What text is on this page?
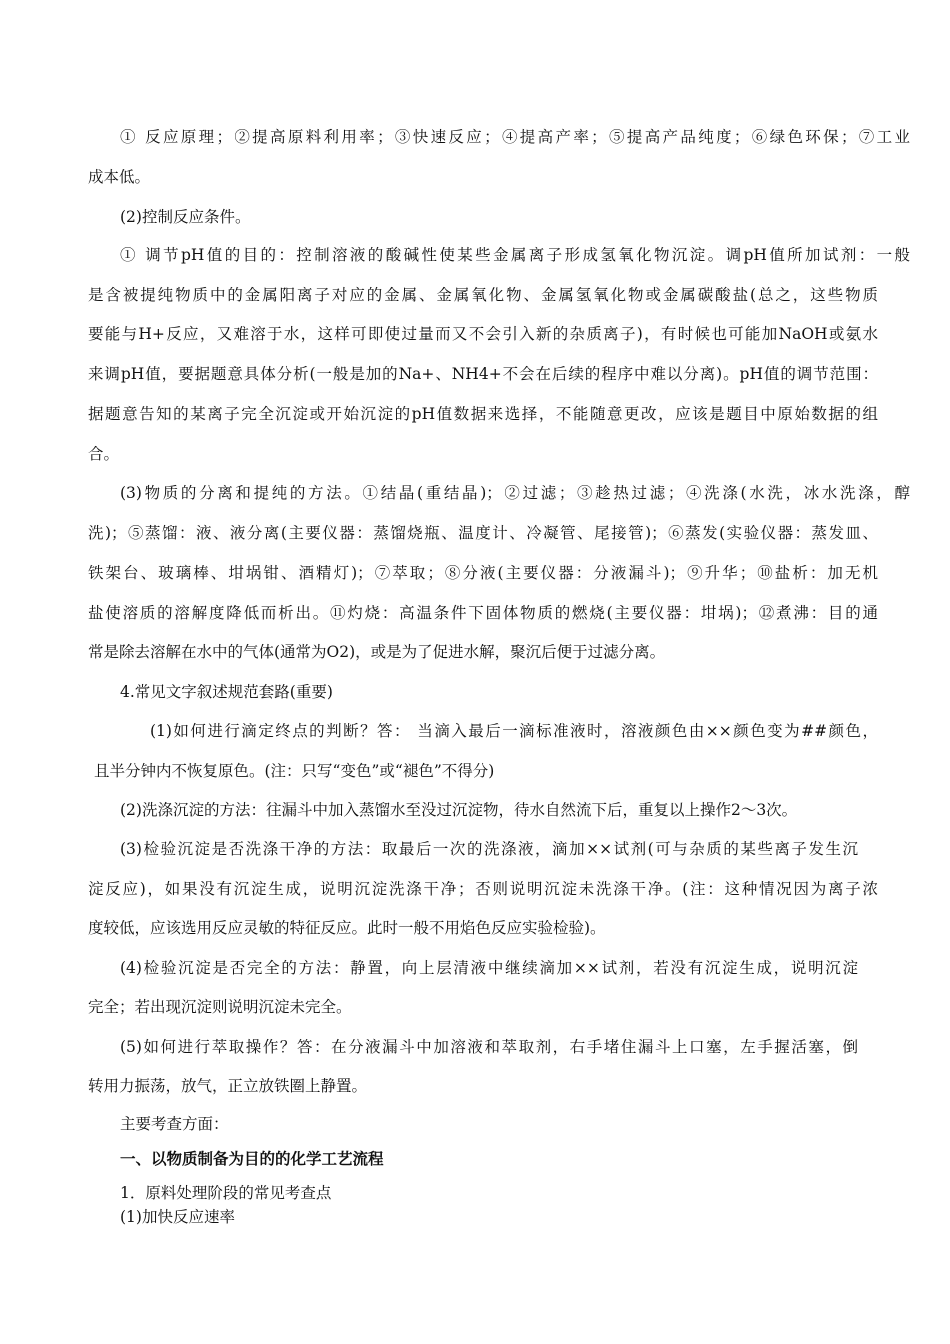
① 反应原理；②提高原料利用率；③快速反应；④提高产率；⑤提高产品纯度；⑥绿色环保；⑦工业
成本低。
(2)控制反应条件。
① 调节pH值的目的：控制溶液的酸碱性使某些金属离子形成氢氧化物沉淀。调pH值所加试剂：一般
是含被提纯物质中的金属阳离子对应的金属、金属氧化物、金属氢氧化物或金属碳酸盐(总之，这些物质
要能与H+反应，又难溶于水，这样可即使过量而又不会引入新的杂质离子)，有时候也可能加NaOH或氨水
来调pH值，要据题意具体分析(一般是加的Na+、NH4+不会在后续的程序中难以分离)。pH值的调节范围：
据题意告知的某离子完全沉淀或开始沉淀的pH值数据来选择，不能随意更改，应该是题目中原始数据的组
合。
(3)物质的分离和提纯的方法。①结晶(重结晶)；②过滤；③趁热过滤；④洗涤(水洗，冰水洗涤，醇
洗)；⑤蒸馏：液、液分离(主要仪器：蒸馏烧瓶、温度计、冷凝管、尾接管)；⑥蒸发(实验仪器：蒸发皿、
铁架台、玻璃棒、坩埚钳、酒精灯)；⑦萃取；⑧分液(主要仪器：分液漏斗)；⑨升华；⑩盐析：加无机
盐使溶质的溶解度降低而析出。⑪灼烧：高温条件下固体物质的燃烧(主要仪器：坩埚)；⑫煮沸：目的通
常是除去溶解在水中的气体(通常为O2)，或是为了促进水解，聚沉后便于过滤分离。
4.常见文字叙述规范套路(重要)
(1)如何进行滴定终点的判断？答： 当滴入最后一滴标准液时，溶液颜色由××颜色变为##颜色，
且半分钟内不恢复原色。(注：只写“变色”或“褪色”不得分)
(2)洗涤沉淀的方法：往漏斗中加入蒸馏水至没过沉淀物，待水自然流下后，重复以上操作2～3次。
(3)检验沉淀是否洗涤干净的方法：取最后一次的洗涤液，滴加××试剂(可与杂质的某些离子发生沉
淀反应)，如果没有沉淀生成，说明沉淀洗涤干净；否则说明沉淀未洗涤干净。(注：这种情况因为离子浓
度较低，应该选用反应灵敏的特征反应。此时一般不用焰色反应实验检验)。
(4)检验沉淀是否完全的方法：静置，向上层清液中继续滴加××试剂，若没有沉淀生成，说明沉淀
完全；若出现沉淀则说明沉淀未完全。
(5)如何进行萃取操作？答：在分液漏斗中加溶液和萃取剂，右手堵住漏斗上口塞，左手握活塞，倒
转用力振荡，放气，正立放铁圈上静置。
主要考查方面：
一、以物质制备为目的的化学工艺流程
1．原料处理阶段的常见考查点
(1)加快反应速率
